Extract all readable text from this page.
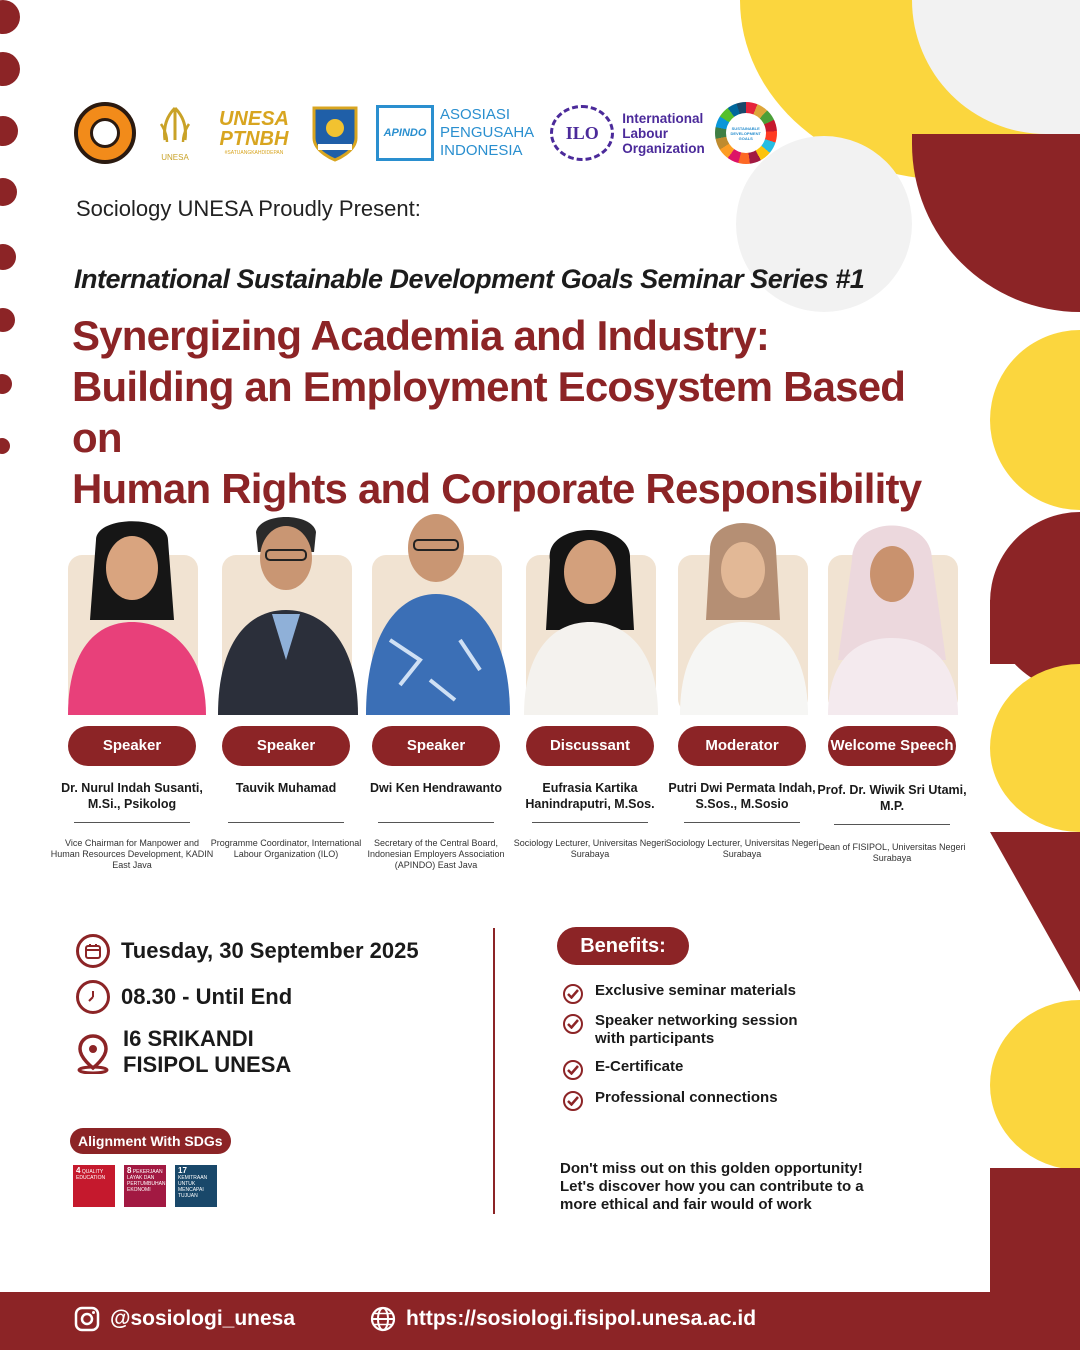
UNESA
UNESA
PTNBH
#SATUANGKAHDIDEPAN
APINDO
ASOSIASI
PENGUSAHA
INDONESIA
ILO
International
Labour
Organization
SUSTAINABLE
DEVELOPMENT
GOALS
Sociology UNESA Proudly Present:
International Sustainable Development Goals Seminar Series #1
Synergizing Academia and Industry:
Building an Employment Ecosystem Based on
Human Rights and Corporate Responsibility
Speaker
Dr. Nurul Indah Susanti, M.Si., Psikolog
Vice Chairman for Manpower and Human Resources Development, KADIN East Java
Speaker
Tauvik Muhamad
Programme Coordinator, International Labour Organization (ILO)
Speaker
Dwi Ken Hendrawanto
Secretary of the Central Board, Indonesian Employers Association (APINDO) East Java
Discussant
Eufrasia Kartika Hanindraputri, M.Sos.
Sociology Lecturer, Universitas Negeri Surabaya
Moderator
Putri Dwi Permata Indah, S.Sos., M.Sosio
Sociology Lecturer, Universitas Negeri Surabaya
Welcome Speech
Prof. Dr. Wiwik Sri Utami, M.P.
Dean of FISIPOL, Universitas Negeri Surabaya
Tuesday, 30 September 2025
08.30 - Until End
I6 SRIKANDI
FISIPOL UNESA
Alignment With SDGs
4 QUALITY EDUCATION
8 PEKERJAAN LAYAK DAN PERTUMBUHAN EKONOMI
17 KEMITRAAN UNTUK MENCAPAI TUJUAN
Benefits:
Exclusive seminar materials
Speaker networking session with participants
E-Certificate
Professional connections
Don't miss out on this golden opportunity! Let's discover how you can contribute to a more ethical and fair would of work
@sosiologi_unesa	https://sosiologi.fisipol.unesa.ac.id
